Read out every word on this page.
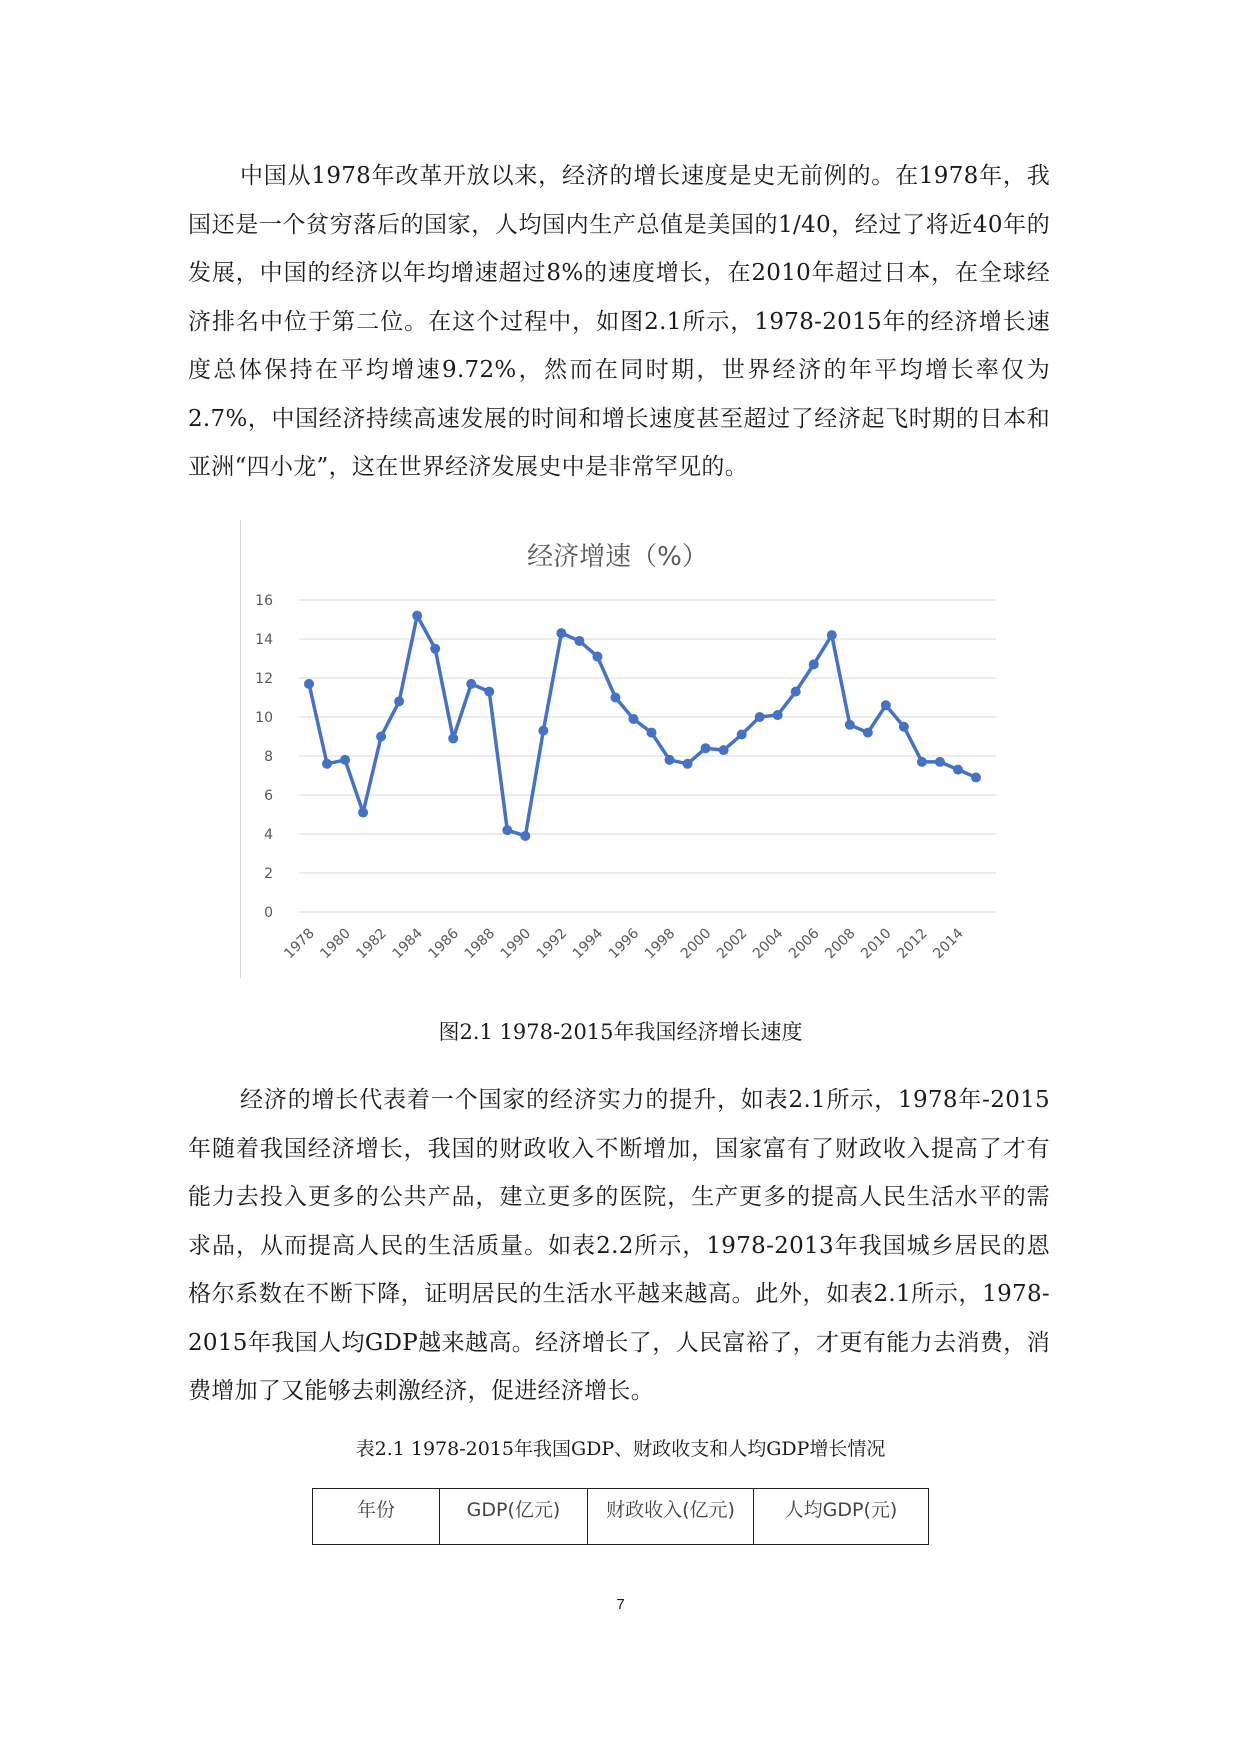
中国从1978年改革开放以来，经济的增长速度是史无前例的。在1978年，我国还是一个贫穷落后的国家，人均国内生产总值是美国的1/40，经过了将近40年的发展，中国的经济以年均增速超过8%的速度增长，在2010年超过日本，在全球经济排名中位于第二位。在这个过程中，如图2.1所示，1978-2015年的经济增长速度总体保持在平均增速9.72%，然而在同时期，世界经济的年平均增长率仅为2.7%，中国经济持续高速发展的时间和增长速度甚至超过了经济起飞时期的日本和亚洲“四小龙”，这在世界经济发展史中是非常罕见的。

经济增速（%）
0
2
4
6
8
10
12
14
16
1978 1980 1982 1984 1986 1988 1990 1992 1994 1996 1998 2000 2002 2004 2006 2008 2010 2012 2014

图2.1 1978-2015年我国经济增长速度

经济的增长代表着一个国家的经济实力的提升，如表2.1所示，1978年-2015年随着我国经济增长，我国的财政收入不断增加，国家富有了财政收入提高了才有能力去投入更多的公共产品，建立更多的医院，生产更多的提高人民生活水平的需求品，从而提高人民的生活质量。如表2.2所示，1978-2013年我国城乡居民的恩格尔系数在不断下降，证明居民的生活水平越来越高。此外，如表2.1所示，1978-2015年我国人均GDP越来越高。经济增长了，人民富裕了，才更有能力去消费，消费增加了又能够去刺激经济，促进经济增长。

表2.1 1978-2015年我国GDP、财政收支和人均GDP增长情况

年份	GDP(亿元)	财政收入(亿元)	人均GDP(元)
7
